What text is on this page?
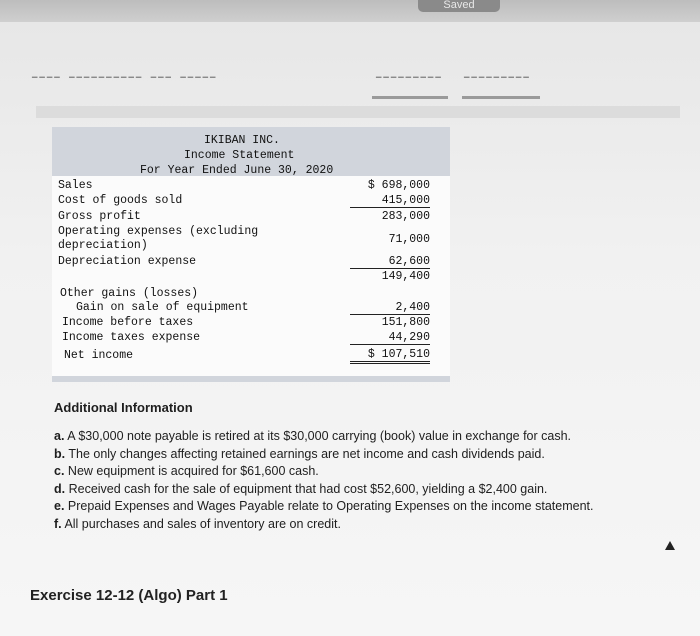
Saved
▔▔▔▔ ▔▔▔▔▔▔▔▔▔▔ ▔▔▔ ▔▔▔▔▔	▔▔▔▔▔▔▔▔▔ ▔▔▔▔▔▔▔▔▔
IKIBAN INC.
Income Statement
For Year Ended June 30, 2020
Sales	$ 698,000
Cost of goods sold	415,000
Gross profit	283,000
Operating expenses (excluding
depreciation)	71,000
Depreciation expense	62,600
149,400
Other gains (losses)
Gain on sale of equipment	2,400
Income before taxes	151,800
Income taxes expense	44,290
Net income	$ 107,510
Additional Information
a. A $30,000 note payable is retired at its $30,000 carrying (book) value in exchange for cash.
b. The only changes affecting retained earnings are net income and cash dividends paid.
c. New equipment is acquired for $61,600 cash.
d. Received cash for the sale of equipment that had cost $52,600, yielding a $2,400 gain.
e. Prepaid Expenses and Wages Payable relate to Operating Expenses on the income statement.
f. All purchases and sales of inventory are on credit.
Exercise 12-12 (Algo) Part 1
